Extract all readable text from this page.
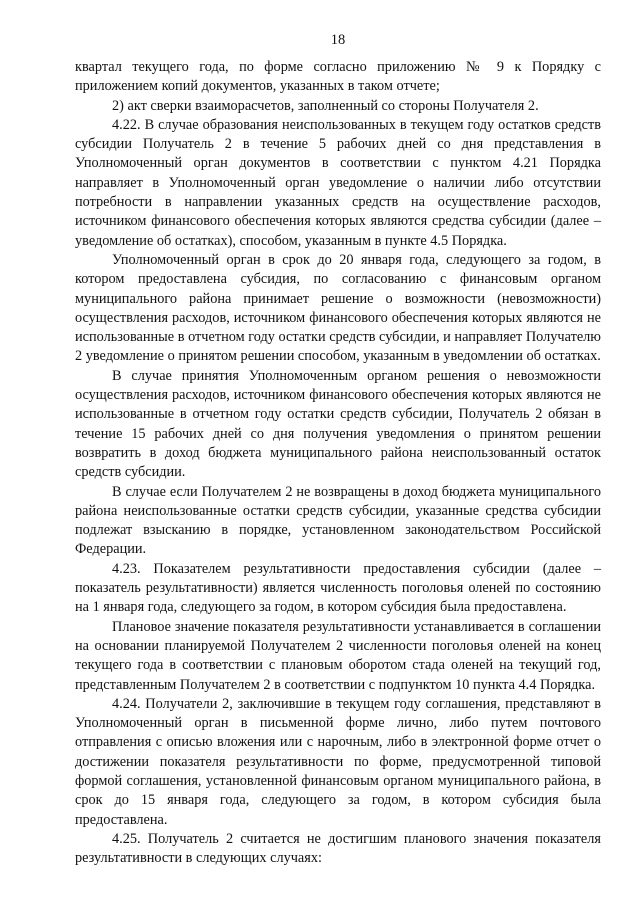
18

квартал текущего года, по форме согласно приложению № 9 к Порядку с приложением копий документов, указанных в таком отчете;

2) акт сверки взаиморасчетов, заполненный со стороны Получателя 2.

4.22. В случае образования неиспользованных в текущем году остатков средств субсидии Получатель 2 в течение 5 рабочих дней со дня представления в Уполномоченный орган документов в соответствии с пунктом 4.21 Порядка направляет в Уполномоченный орган уведомление о наличии либо отсутствии потребности в направлении указанных средств на осуществление расходов, источником финансового обеспечения которых являются средства субсидии (далее – уведомление об остатках), способом, указанным в пункте 4.5 Порядка.

Уполномоченный орган в срок до 20 января года, следующего за годом, в котором предоставлена субсидия, по согласованию с финансовым органом муниципального района принимает решение о возможности (невозможности) осуществления расходов, источником финансового обеспечения которых являются не использованные в отчетном году остатки средств субсидии, и направляет Получателю 2 уведомление о принятом решении способом, указанным в уведомлении об остатках.

В случае принятия Уполномоченным органом решения о невозможности осуществления расходов, источником финансового обеспечения которых являются не использованные в отчетном году остатки средств субсидии, Получатель 2 обязан в течение 15 рабочих дней со дня получения уведомления о принятом решении возвратить в доход бюджета муниципального района неиспользованный остаток средств субсидии.

В случае если Получателем 2 не возвращены в доход бюджета муниципального района неиспользованные остатки средств субсидии, указанные средства субсидии подлежат взысканию в порядке, установленном законодательством Российской Федерации.

4.23. Показателем результативности предоставления субсидии (далее – показатель результативности) является численность поголовья оленей по состоянию на 1 января года, следующего за годом, в котором субсидия была предоставлена.

Плановое значение показателя результативности устанавливается в соглашении на основании планируемой Получателем 2 численности поголовья оленей на конец текущего года в соответствии с плановым оборотом стада оленей на текущий год, представленным Получателем 2 в соответствии с подпунктом 10 пункта 4.4 Порядка.

4.24. Получатели 2, заключившие в текущем году соглашения, представляют в Уполномоченный орган в письменной форме лично, либо путем почтового отправления с описью вложения или с нарочным, либо в электронной форме отчет о достижении показателя результативности по форме, предусмотренной типовой формой соглашения, установленной финансовым органом муниципального района, в срок до 15 января года, следующего за годом, в котором субсидия была предоставлена.

4.25. Получатель 2 считается не достигшим планового значения показателя результативности в следующих случаях:
